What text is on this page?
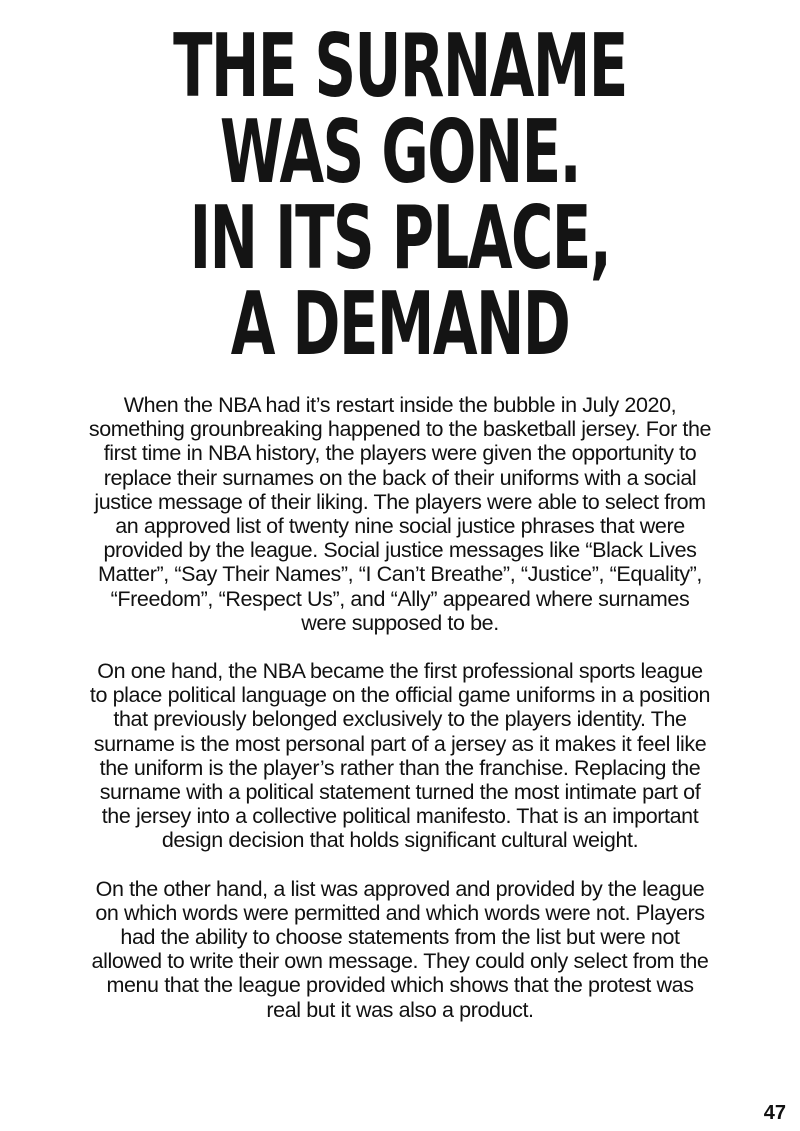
THE SURNAME
WAS GONE.
IN ITS PLACE,
A DEMAND

When the NBA had it’s restart inside the bubble in July 2020, something grounbreaking happened to the basketball jersey. For the first time in NBA history, the players were given the opportunity to replace their surnames on the back of their uniforms with a social justice message of their liking. The players were able to select from an approved list of twenty nine social justice phrases that were provided by the league. Social justice messages like “Black Lives Matter”, “Say Their Names”, “I Can’t Breathe”, “Justice”, “Equality”, “Freedom”, “Respect Us”, and “Ally” appeared where surnames were supposed to be.

On one hand, the NBA became the first professional sports league to place political language on the official game uniforms in a position that previously belonged exclusively to the players identity. The surname is the most personal part of a jersey as it makes it feel like the uniform is the player’s rather than the franchise. Replacing the surname with a political statement turned the most intimate part of the jersey into a collective political manifesto. That is an important design decision that holds significant cultural weight.

On the other hand, a list was approved and provided by the league on which words were permitted and which words were not. Players had the ability to choose statements from the list but were not allowed to write their own message. They could only select from the menu that the league provided which shows that the protest was real but it was also a product.

47
